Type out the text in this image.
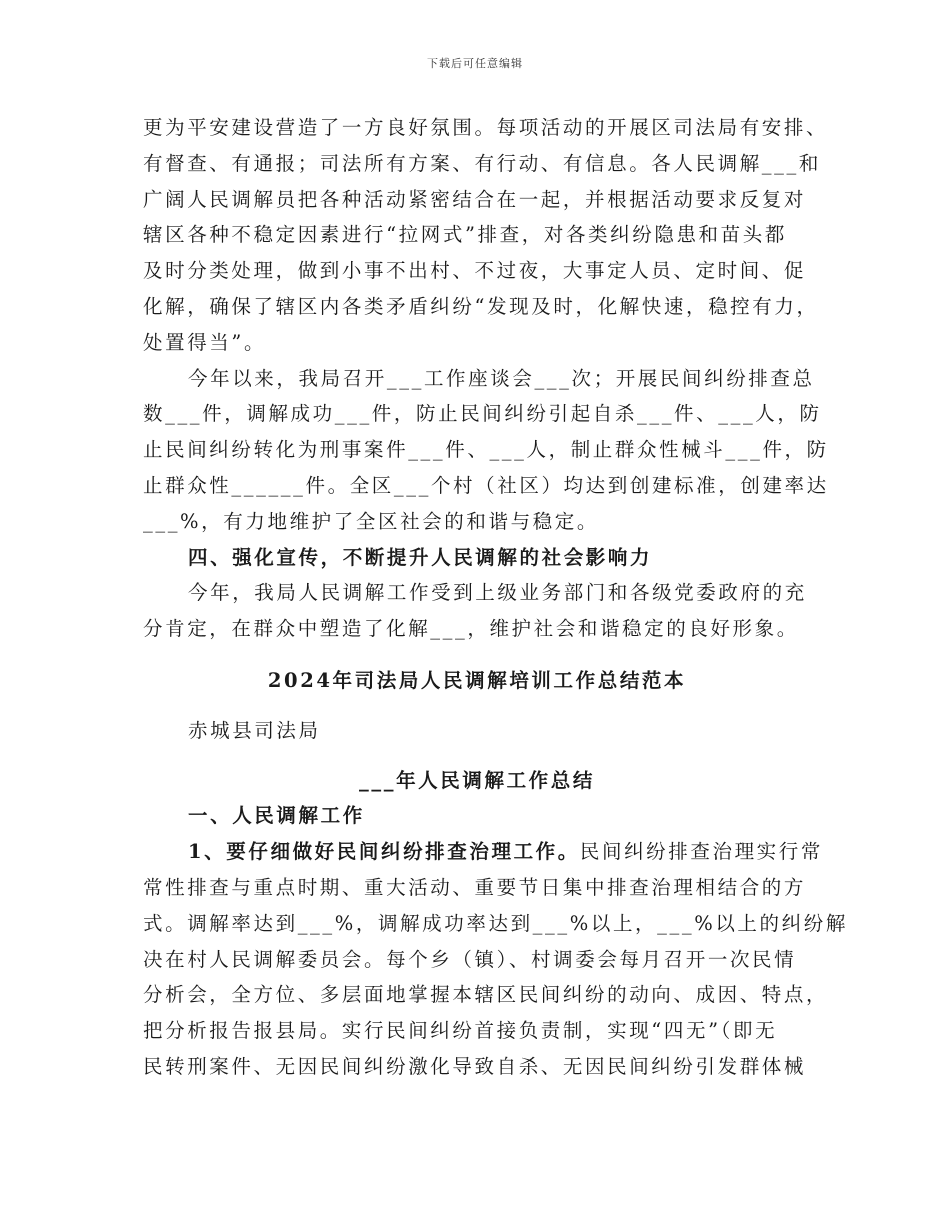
下载后可任意编辑
更为平安建设营造了一方良好氛围。每项活动的开展区司法局有安排、
有督查、有通报；司法所有方案、有行动、有信息。各人民调解___和
广阔人民调解员把各种活动紧密结合在一起，并根据活动要求反复对
辖区各种不稳定因素进行“拉网式”排查，对各类纠纷隐患和苗头都
及时分类处理，做到小事不出村、不过夜，大事定人员、定时间、促
化解，确保了辖区内各类矛盾纠纷“发现及时，化解快速，稳控有力，
处置得当”。
今年以来，我局召开___工作座谈会___次；开展民间纠纷排查总
数___件，调解成功___件，防止民间纠纷引起自杀___件、___人，防
止民间纠纷转化为刑事案件___件、___人，制止群众性械斗___件，防
止群众性______件。全区___个村（社区）均达到创建标准，创建率达
___%，有力地维护了全区社会的和谐与稳定。
四、强化宣传，不断提升人民调解的社会影响力
今年，我局人民调解工作受到上级业务部门和各级党委政府的充
分肯定，在群众中塑造了化解___，维护社会和谐稳定的良好形象。
2024年司法局人民调解培训工作总结范本
赤城县司法局
___年人民调解工作总结
一、人民调解工作
1、要仔细做好民间纠纷排查治理工作。民间纠纷排查治理实行常
常性排查与重点时期、重大活动、重要节日集中排查治理相结合的方
式。调解率达到___%，调解成功率达到___%以上，___%以上的纠纷解
决在村人民调解委员会。每个乡（镇）、村调委会每月召开一次民情
分析会，全方位、多层面地掌握本辖区民间纠纷的动向、成因、特点，
把分析报告报县局。实行民间纠纷首接负责制，实现“四无”（即无
民转刑案件、无因民间纠纷激化导致自杀、无因民间纠纷引发群体械
